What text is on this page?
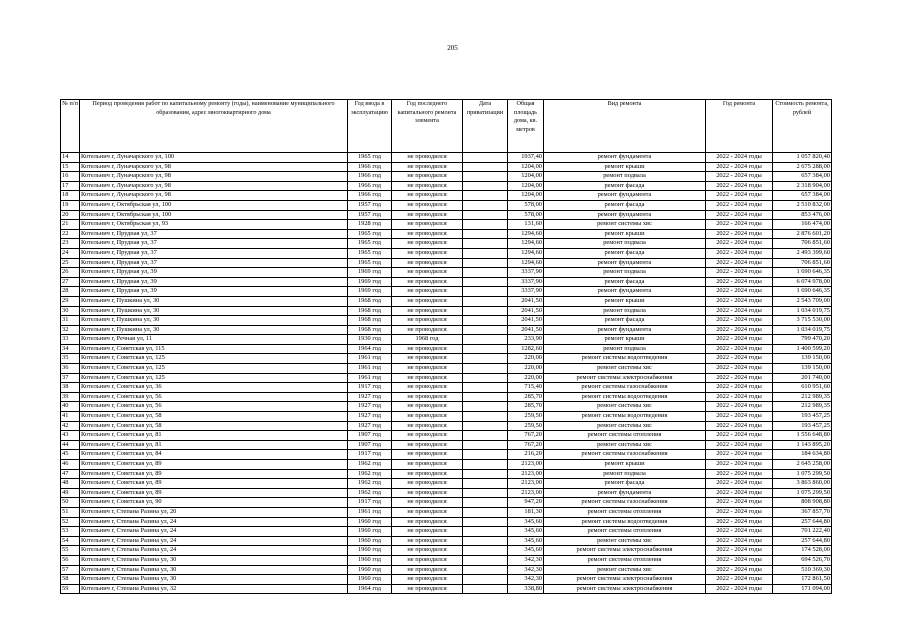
205
№ п/п	Период проведения работ по капитальному ремонту (годы), наименование муниципального образования, адрес многоквартирного дома	Год ввода в эксплуатацию	Год последнего капитального ремонта элемента	Дата приватизации	Общая площадь дома, кв. метров	Вид ремонта	Год ремонта	Стоимость ремонта, рублей
14	Котельнич г, Луначарского ул, 100	1965 год	не проводился		1937,40	ремонт фундамента	2022 - 2024 годы	1 057 820,40
15	Котельнич г, Луначарского ул, 98	1966 год	не проводился		1204,00	ремонт крыши	2022 - 2024 годы	2 675 288,00
16	Котельнич г, Луначарского ул, 98	1966 год	не проводился		1204,00	ремонт подвала	2022 - 2024 годы	657 384,00
17	Котельнич г, Луначарского ул, 98	1966 год	не проводился		1204,00	ремонт фасада	2022 - 2024 годы	2 318 904,00
18	Котельнич г, Луначарского ул, 98	1966 год	не проводился		1204,00	ремонт фундамента	2022 - 2024 годы	657 384,00
19	Котельнич г, Октябрьская ул, 100	1957 год	не проводился		578,00	ремонт фасада	2022 - 2024 годы	2 510 832,00
20	Котельнич г, Октябрьская ул, 100	1957 год	не проводился		578,00	ремонт фундамента	2022 - 2024 годы	853 476,00
21	Котельнич г, Октябрьская ул, 93	1928 год	не проводился		131,60	ремонт системы хвс	2022 - 2024 годы	166 474,00
22	Котельнич г, Прудная ул, 37	1965 год	не проводился		1294,60	ремонт крыши	2022 - 2024 годы	2 876 601,20
23	Котельнич г, Прудная ул, 37	1965 год	не проводился		1294,60	ремонт подвала	2022 - 2024 годы	706 851,60
24	Котельнич г, Прудная ул, 37	1965 год	не проводился		1294,60	ремонт фасада	2022 - 2024 годы	2 493 399,60
25	Котельнич г, Прудная ул, 37	1965 год	не проводился		1294,60	ремонт фундамента	2022 - 2024 годы	706 851,60
26	Котельнич г, Прудная ул, 39	1969 год	не проводился		3337,90	ремонт подвала	2022 - 2024 годы	1 690 646,35
27	Котельнич г, Прудная ул, 39	1969 год	не проводился		3337,90	ремонт фасада	2022 - 2024 годы	6 074 978,00
28	Котельнич г, Прудная ул, 39	1969 год	не проводился		3337,90	ремонт фундамента	2022 - 2024 годы	1 690 646,35
29	Котельнич г, Пушкина ул, 30	1968 год	не проводился		2041,50	ремонт крыши	2022 - 2024 годы	2 543 709,00
30	Котельнич г, Пушкина ул, 30	1968 год	не проводился		2041,50	ремонт подвала	2022 - 2024 годы	1 034 019,75
31	Котельнич г, Пушкина ул, 30	1968 год	не проводился		2041,50	ремонт фасада	2022 - 2024 годы	3 715 530,00
32	Котельнич г, Пушкина ул, 30	1968 год	не проводился		2041,50	ремонт фундамента	2022 - 2024 годы	1 034 019,75
33	Котельнич г, Речная ул, 11	1930 год	1968 год		233,90	ремонт крыши	2022 - 2024 годы	799 470,20
34	Котельнич г, Советская ул, 115	1964 год	не проводился		1282,60	ремонт подвала	2022 - 2024 годы	1 400 599,20
35	Котельнич г, Советская ул, 125	1961 год	не проводился		220,00	ремонт системы водоотведения	2022 - 2024 годы	139 150,00
36	Котельнич г, Советская ул, 125	1961 год	не проводился		220,00	ремонт системы хвс	2022 - 2024 годы	139 150,00
37	Котельнич г, Советская ул, 125	1961 год	не проводился		220,00	ремонт системы электроснабжения	2022 - 2024 годы	201 740,00
38	Котельнич г, Советская ул, 36	1917 год	не проводился		715,40	ремонт системы газоснабжения	2022 - 2024 годы	610 951,60
39	Котельнич г, Советская ул, 56	1927 год	не проводился		285,70	ремонт системы водоотведения	2022 - 2024 годы	212 989,35
40	Котельнич г, Советская ул, 56	1927 год	не проводился		285,70	ремонт системы хвс	2022 - 2024 годы	212 989,35
41	Котельнич г, Советская ул, 58	1927 год	не проводился		259,50	ремонт системы водоотведения	2022 - 2024 годы	193 457,25
42	Котельнич г, Советская ул, 58	1927 год	не проводился		259,50	ремонт системы хвс	2022 - 2024 годы	193 457,25
43	Котельнич г, Советская ул, 81	1907 год	не проводился		767,20	ремонт системы отопления	2022 - 2024 годы	1 556 648,80
44	Котельнич г, Советская ул, 81	1907 год	не проводился		767,20	ремонт системы хвс	2022 - 2024 годы	1 143 895,20
45	Котельнич г, Советская ул, 84	1917 год	не проводился		216,20	ремонт системы газоснабжения	2022 - 2024 годы	184 634,80
46	Котельнич г, Советская ул, 89	1962 год	не проводился		2123,00	ремонт крыши	2022 - 2024 годы	2 645 258,00
47	Котельнич г, Советская ул, 89	1962 год	не проводился		2123,00	ремонт подвала	2022 - 2024 годы	1 075 299,50
48	Котельнич г, Советская ул, 89	1962 год	не проводился		2123,00	ремонт фасада	2022 - 2024 годы	3 863 860,00
49	Котельнич г, Советская ул, 89	1962 год	не проводился		2123,00	ремонт фундамента	2022 - 2024 годы	1 075 299,50
50	Котельнич г, Советская ул, 90	1917 год	не проводился		947,20	ремонт системы газоснабжения	2022 - 2024 годы	808 908,80
51	Котельнич г, Степана Разина ул, 20	1961 год	не проводился		181,30	ремонт системы отопления	2022 - 2024 годы	367 857,70
52	Котельнич г, Степана Разина ул, 24	1960 год	не проводился		345,60	ремонт системы водоотведения	2022 - 2024 годы	257 644,80
53	Котельнич г, Степана Разина ул, 24	1960 год	не проводился		345,60	ремонт системы отопления	2022 - 2024 годы	701 222,40
54	Котельнич г, Степана Разина ул, 24	1960 год	не проводился		345,60	ремонт системы хвс	2022 - 2024 годы	257 644,80
55	Котельнич г, Степана Разина ул, 24	1960 год	не проводился		345,60	ремонт системы электроснабжения	2022 - 2024 годы	174 528,00
56	Котельнич г, Степана Разина ул, 30	1960 год	не проводился		342,30	ремонт системы отопления	2022 - 2024 годы	694 526,70
57	Котельнич г, Степана Разина ул, 30	1960 год	не проводился		342,30	ремонт системы хвс	2022 - 2024 годы	510 369,30
58	Котельнич г, Степана Разина ул, 30	1960 год	не проводился		342,30	ремонт системы электроснабжения	2022 - 2024 годы	172 861,50
59	Котельнич г, Степана Разина ул, 32	1964 год	не проводился		338,80	ремонт системы электроснабжения	2022 - 2024 годы	171 094,00
